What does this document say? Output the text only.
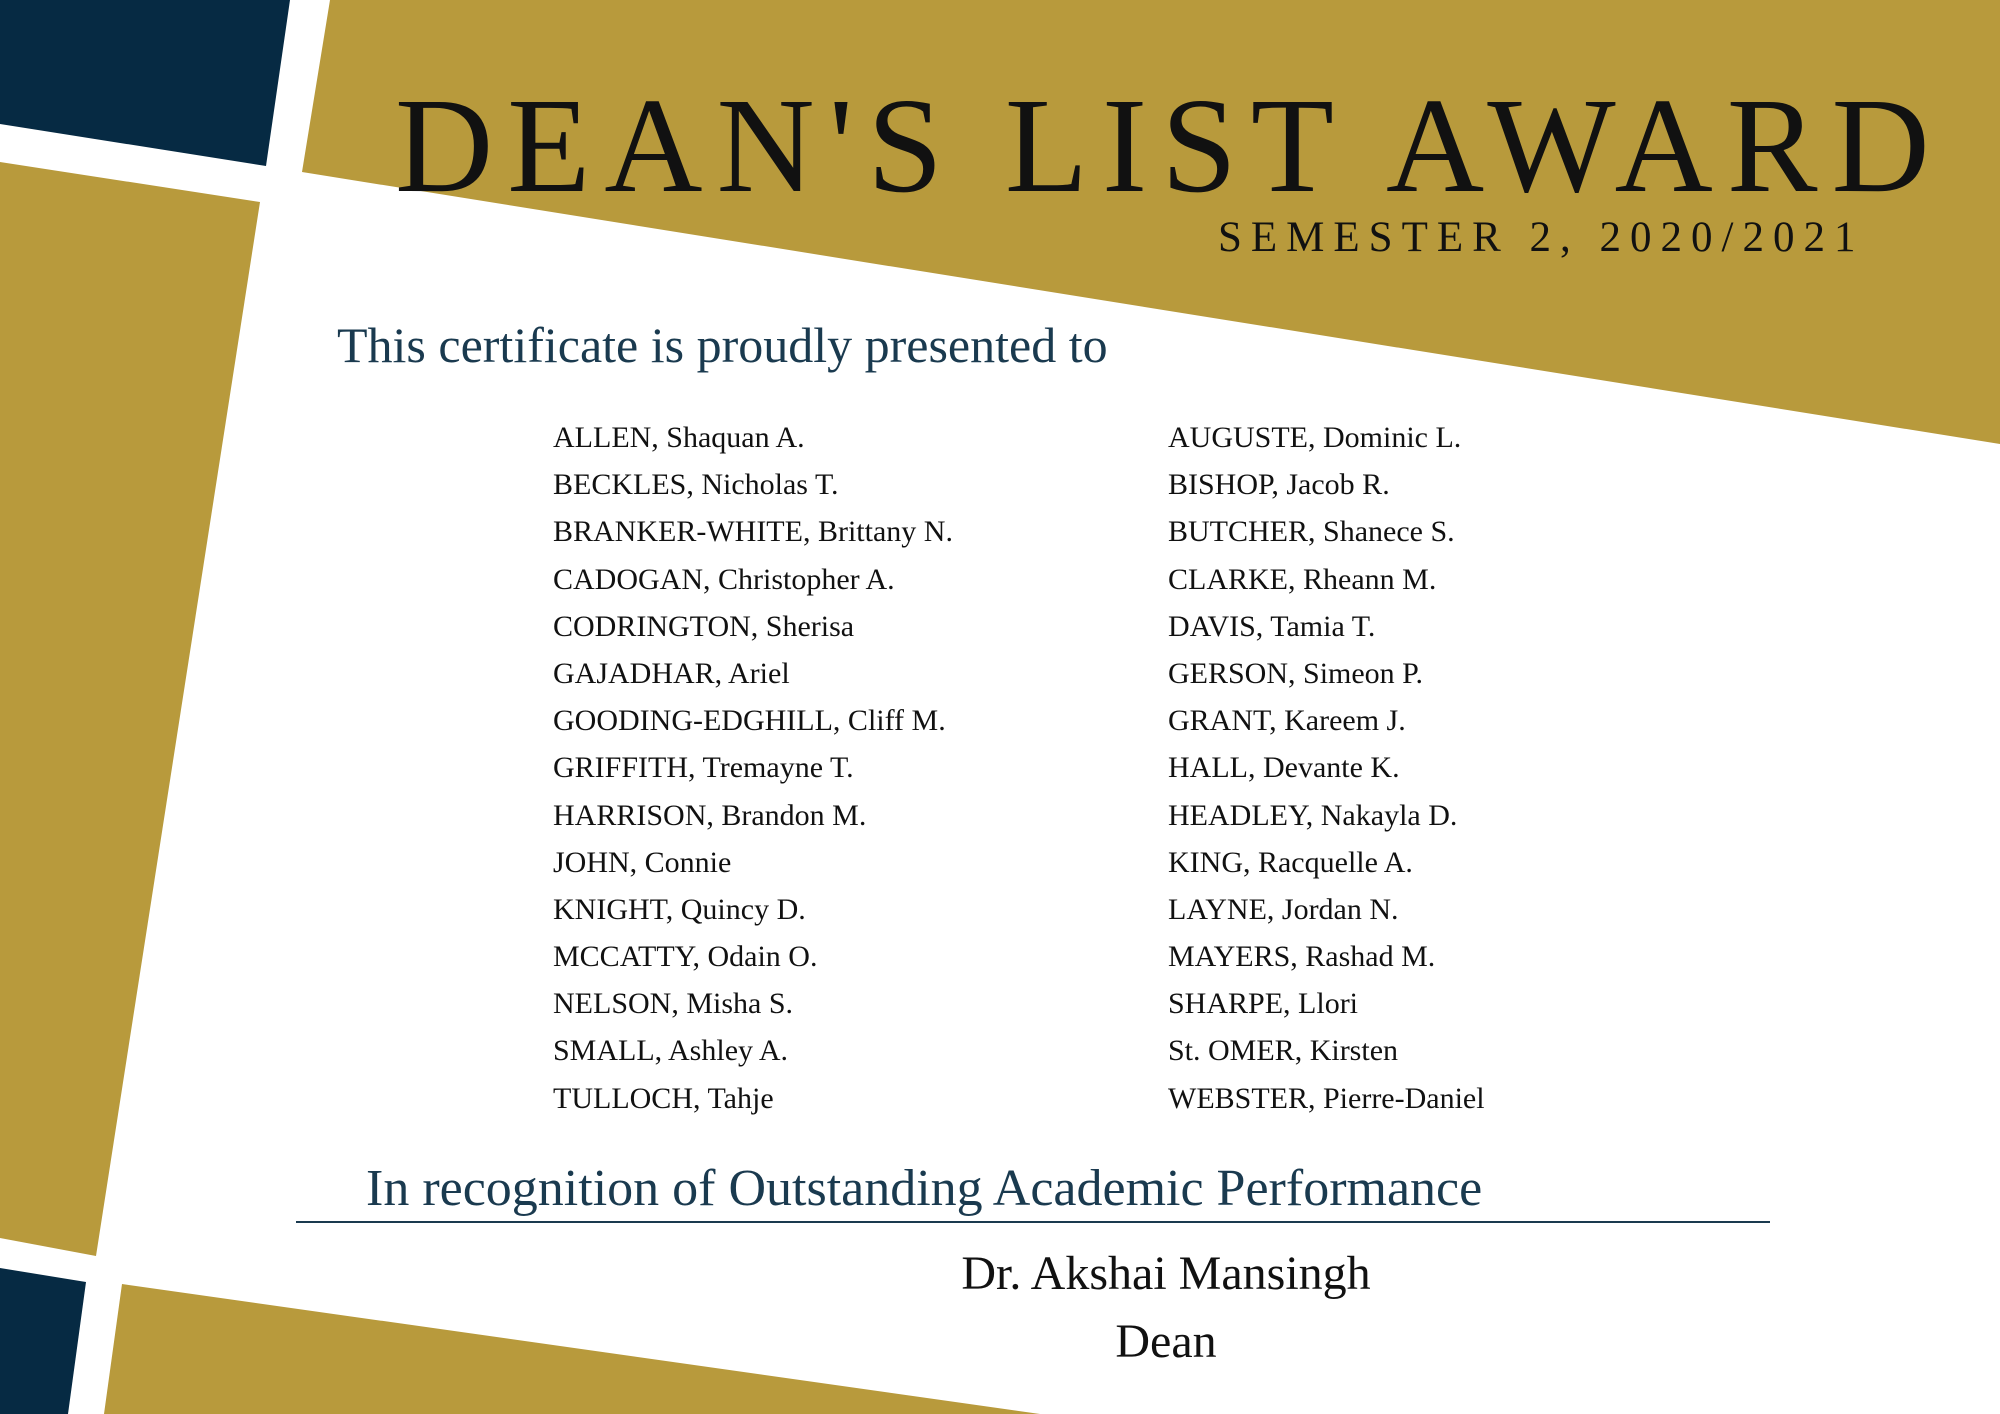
DEAN'S LIST AWARD
SEMESTER 2, 2020/2021
This certificate is proudly presented to
ALLEN, Shaquan A.
BECKLES, Nicholas T.
BRANKER-WHITE, Brittany N.
CADOGAN, Christopher A.
CODRINGTON, Sherisa
GAJADHAR, Ariel
GOODING-EDGHILL, Cliff M.
GRIFFITH, Tremayne T.
HARRISON, Brandon M.
JOHN, Connie
KNIGHT, Quincy D.
MCCATTY, Odain O.
NELSON, Misha S.
SMALL, Ashley A.
TULLOCH, Tahje
AUGUSTE, Dominic L.
BISHOP, Jacob R.
BUTCHER, Shanece S.
CLARKE, Rheann M.
DAVIS, Tamia T.
GERSON, Simeon P.
GRANT, Kareem J.
HALL, Devante K.
HEADLEY, Nakayla D.
KING, Racquelle A.
LAYNE, Jordan N.
MAYERS, Rashad M.
SHARPE, Llori
St. OMER, Kirsten
WEBSTER, Pierre-Daniel
In recognition of Outstanding Academic Performance
Dr. Akshai Mansingh
Dean
